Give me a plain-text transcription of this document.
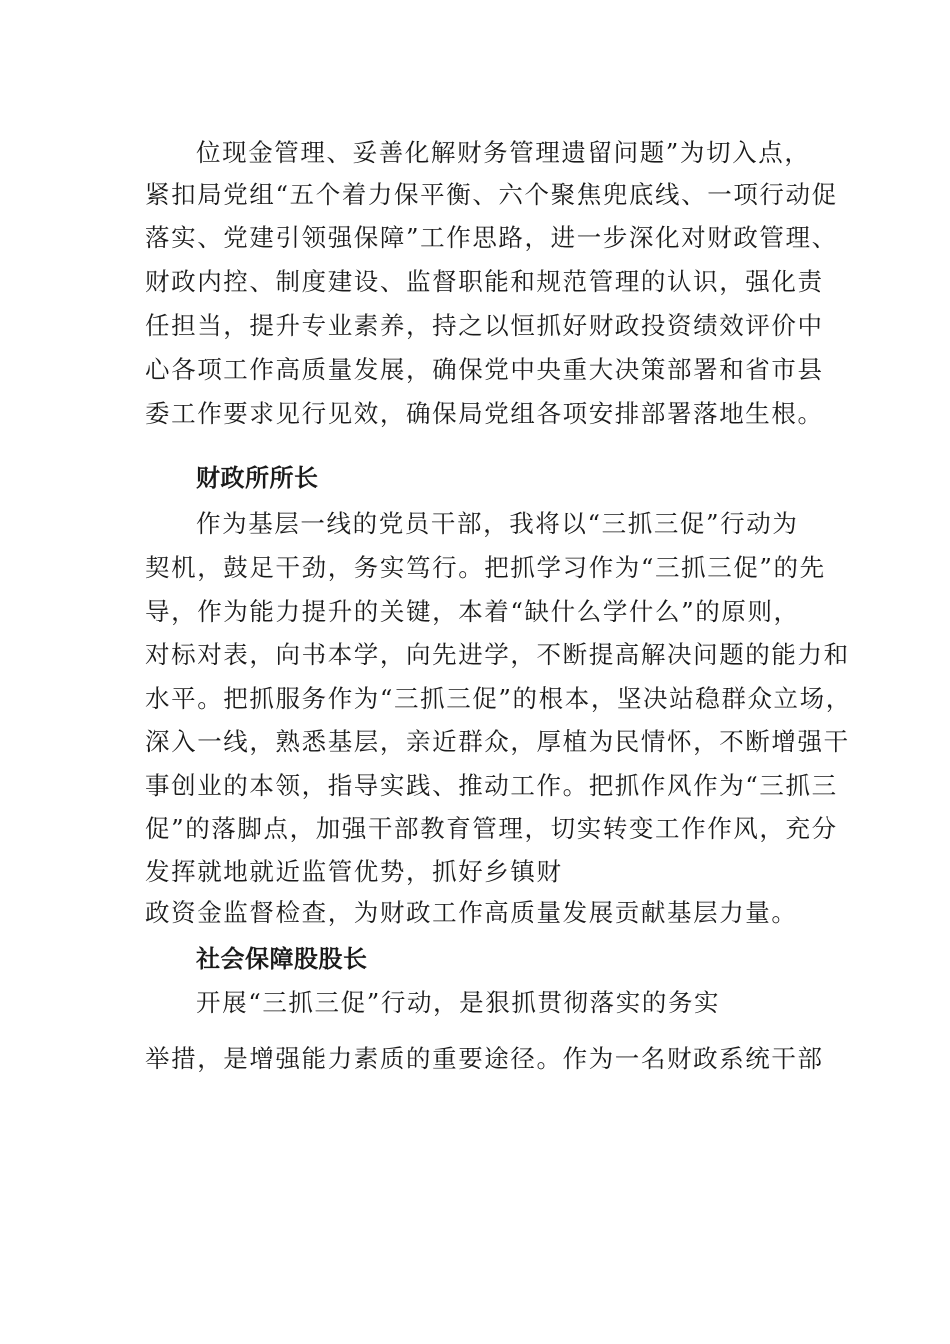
位现金管理、妥善化解财务管理遗留问题”为切入点，
紧扣局党组“五个着力保平衡、六个聚焦兜底线、一项行动促
落实、党建引领强保障”工作思路，进一步深化对财政管理、
财政内控、制度建设、监督职能和规范管理的认识，强化责
任担当，提升专业素养，持之以恒抓好财政投资绩效评价中
心各项工作高质量发展，确保党中央重大决策部署和省市县
委工作要求见行见效，确保局党组各项安排部署落地生根。
财政所所长
作为基层一线的党员干部，我将以“三抓三促”行动为
契机，鼓足干劲，务实笃行。把抓学习作为“三抓三促”的先
导，作为能力提升的关键，本着“缺什么学什么”的原则，
对标对表，向书本学，向先进学，不断提高解决问题的能力和
水平。把抓服务作为“三抓三促”的根本，坚决站稳群众立场，
深入一线，熟悉基层，亲近群众，厚植为民情怀，不断增强干
事创业的本领，指导实践、推动工作。把抓作风作为“三抓三
促”的落脚点，加强干部教育管理，切实转变工作作风，充分
发挥就地就近监管优势，抓好乡镇财
政资金监督检查，为财政工作高质量发展贡献基层力量。
社会保障股股长
开展“三抓三促”行动，是狠抓贯彻落实的务实
举措，是增强能力素质的重要途径。作为一名财政系统干部
